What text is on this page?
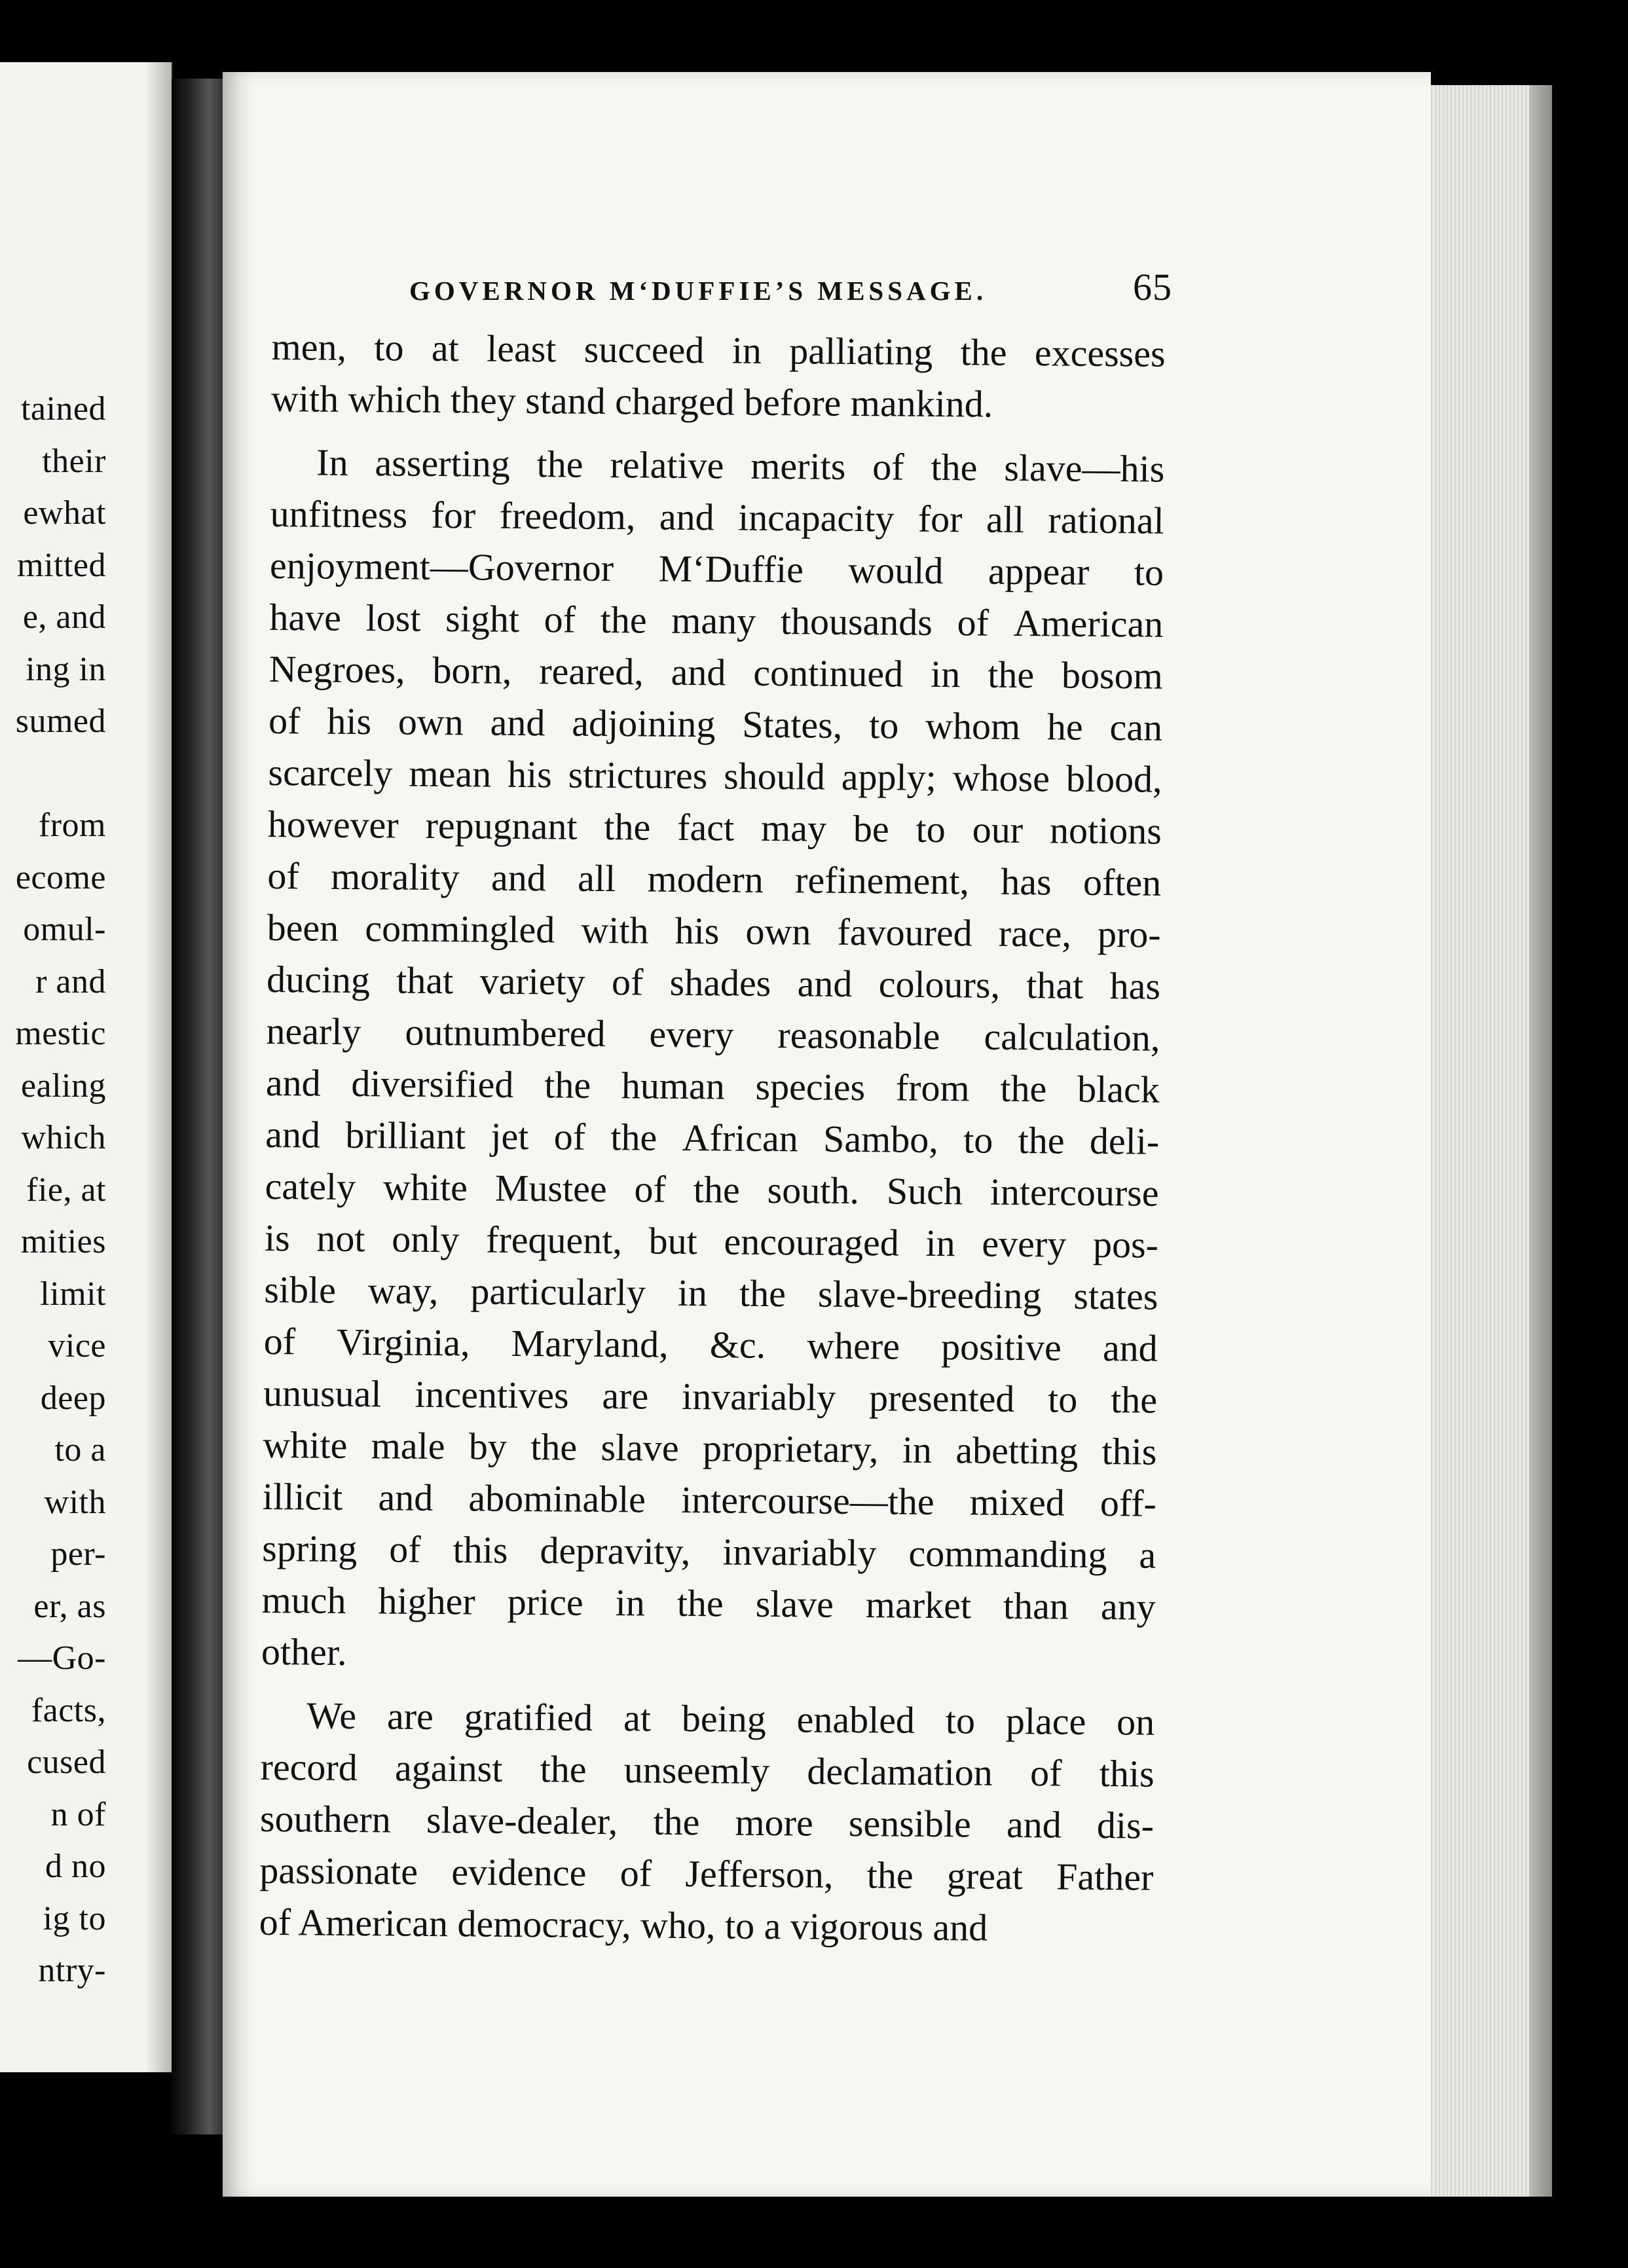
tained
their
ewhat
mitted
e, and
ing in
sumed
from
ecome
omul-
r and
mestic
ealing
which
fie, at
mities
limit
vice
deep
to a
with
per-
er, as
—Go-
facts,
cused
n of
d no
ig to
ntry-
GOVERNOR M‘DUFFIE’S MESSAGE.	65
men, to at least succeed in palliating the excesses
with which they stand charged before mankind.
In asserting the relative merits of the slave—his
unfitness for freedom, and incapacity for all rational
enjoyment—Governor M‘Duffie would appear to
have lost sight of the many thousands of American
Negroes, born, reared, and continued in the bosom
of his own and adjoining States, to whom he can
scarcely mean his strictures should apply; whose blood,
however repugnant the fact may be to our notions
of morality and all modern refinement, has often
been commingled with his own favoured race, pro-
ducing that variety of shades and colours, that has
nearly outnumbered every reasonable calculation,
and diversified the human species from the black
and brilliant jet of the African Sambo, to the deli-
cately white Mustee of the south. Such intercourse
is not only frequent, but encouraged in every pos-
sible way, particularly in the slave-breeding states
of Virginia, Maryland, &c. where positive and
unusual incentives are invariably presented to the
white male by the slave proprietary, in abetting this
illicit and abominable intercourse—the mixed off-
spring of this depravity, invariably commanding a
much higher price in the slave market than any
other.
We are gratified at being enabled to place on
record against the unseemly declamation of this
southern slave-dealer, the more sensible and dis-
passionate evidence of Jefferson, the great Father
of American democracy, who, to a vigorous and
